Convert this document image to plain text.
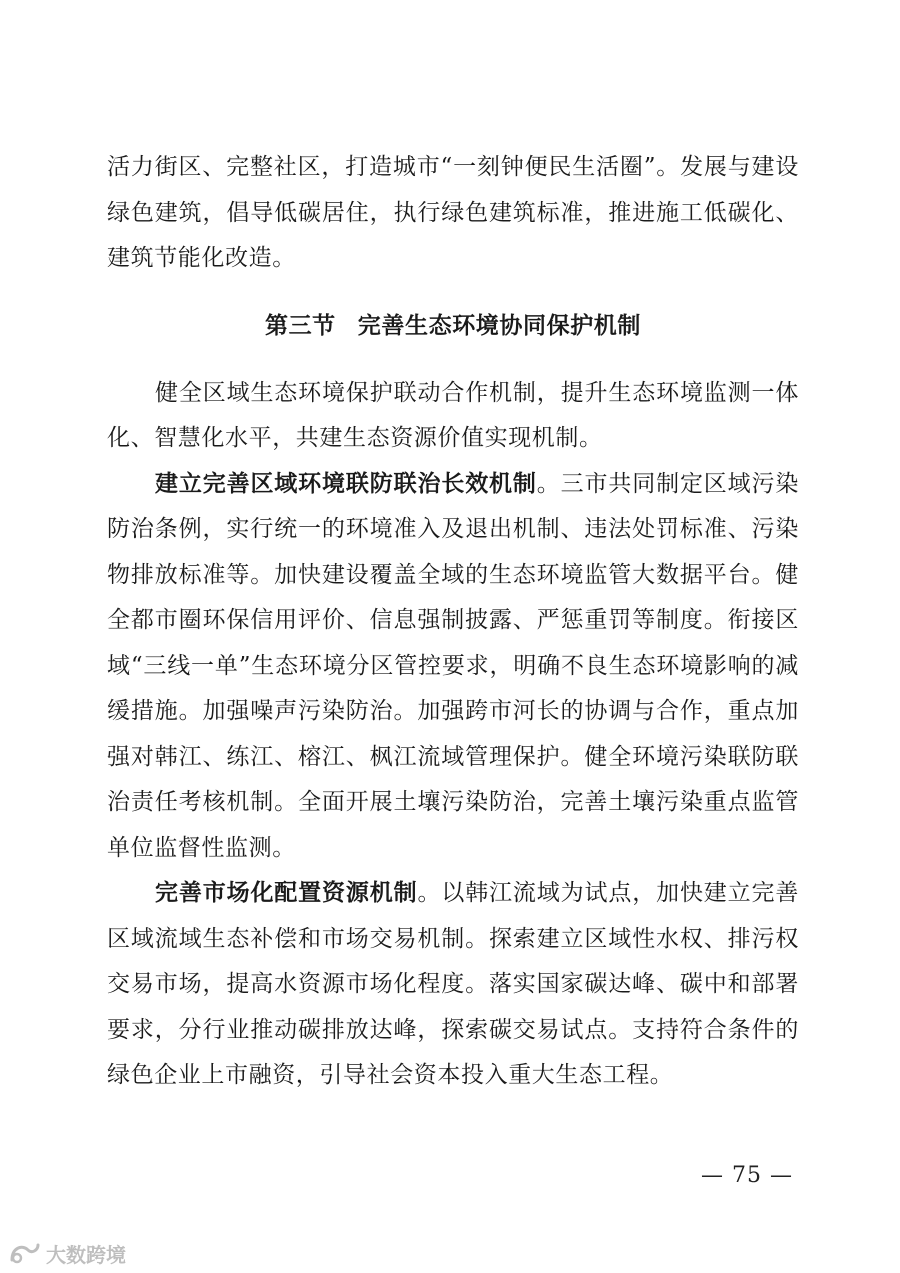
活力街区、完整社区，打造城市“一刻钟便民生活圈”。发展与建设绿色建筑，倡导低碳居住，执行绿色建筑标准，推进施工低碳化、建筑节能化改造。

第三节 完善生态环境协同保护机制

健全区域生态环境保护联动合作机制，提升生态环境监测一体化、智慧化水平，共建生态资源价值实现机制。

建立完善区域环境联防联治长效机制。三市共同制定区域污染防治条例，实行统一的环境准入及退出机制、违法处罚标准、污染物排放标准等。加快建设覆盖全域的生态环境监管大数据平台。健全都市圈环保信用评价、信息强制披露、严惩重罚等制度。衔接区域“三线一单”生态环境分区管控要求，明确不良生态环境影响的减缓措施。加强噪声污染防治。加强跨市河长的协调与合作，重点加强对韩江、练江、榕江、枫江流域管理保护。健全环境污染联防联治责任考核机制。全面开展土壤污染防治，完善土壤污染重点监管单位监督性监测。

完善市场化配置资源机制。以韩江流域为试点，加快建立完善区域流域生态补偿和市场交易机制。探索建立区域性水权、排污权交易市场，提高水资源市场化程度。落实国家碳达峰、碳中和部署要求，分行业推动碳排放达峰，探索碳交易试点。支持符合条件的绿色企业上市融资，引导社会资本投入重大生态工程。

— 75 —
大数跨境
